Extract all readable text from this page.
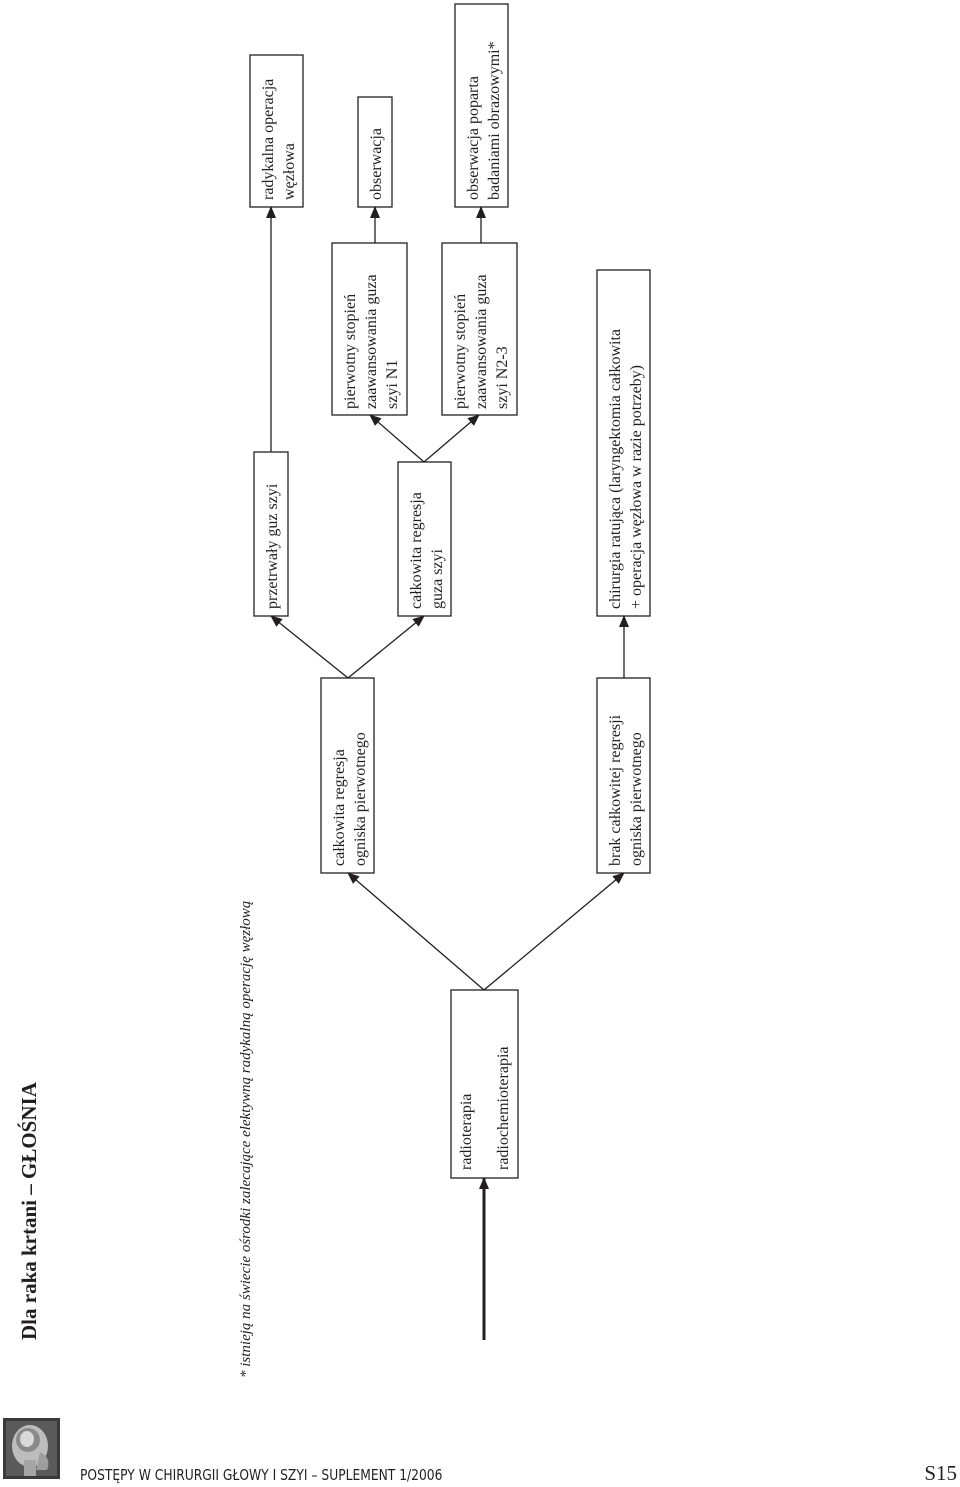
Dla raka krtani – GŁOŚNIA	* istnieją na świecie ośrodki zalecające elektywną radykalną operację węzłową	radioterapia radiochemioterapia
całkowita regresja ogniska pierwotnego	brak całkowitej regresji ogniska pierwotnego
przetrwały guz szyi	całkowita regresja guza szyi	chirurgia ratująca (laryngektomia całkowita + operacja węzłowa w razie potrzeby)
radykalna operacja węzłowa
pierwotny stopień zaawansowania guza szyi N1	pierwotny stopień zaawansowania guza szyi N2-3
obserwacja	obserwacja poparta badaniami obrazowymi*
POSTĘPY W CHIRURGII GŁOWY I SZYI – SUPLEMENT 1/2006	S15
